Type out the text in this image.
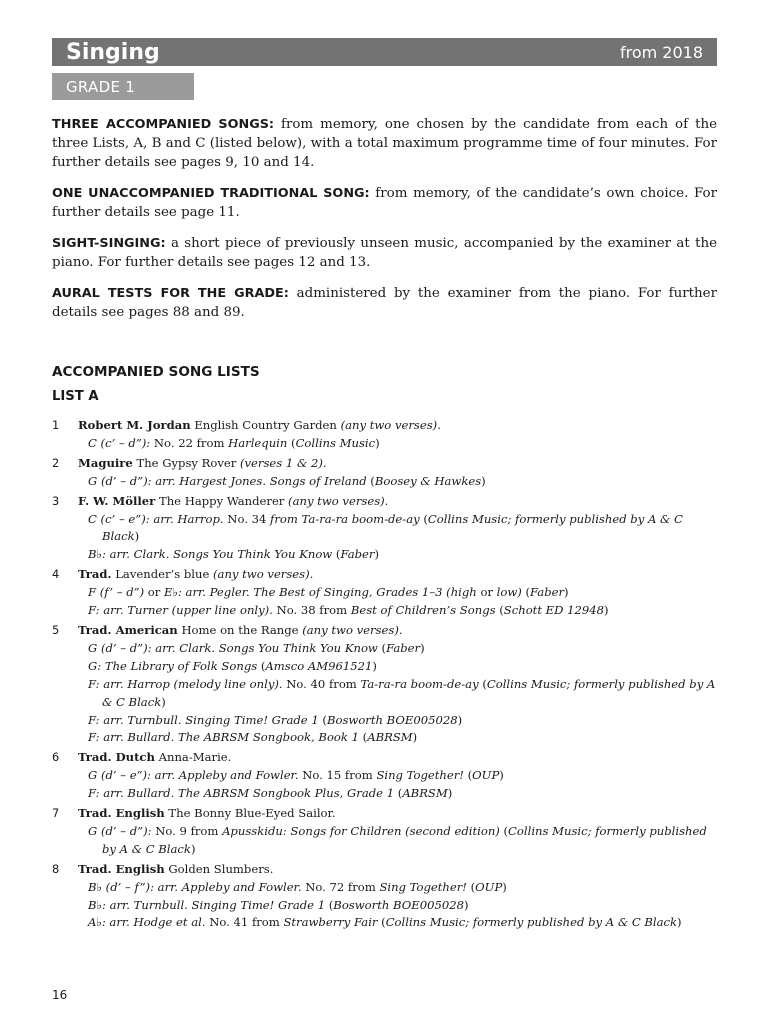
Singing	from 2018
GRADE 1

THREE ACCOMPANIED SONGS: from memory, one chosen by the candidate from each of the three Lists, A, B and C (listed below), with a total maximum programme time of four minutes. For further details see pages 9, 10 and 14.

ONE UNACCOMPANIED TRADITIONAL SONG: from memory, of the candidate’s own choice. For further details see page 11.

SIGHT-SINGING: a short piece of previously unseen music, accompanied by the examiner at the piano. For further details see pages 12 and 13.

AURAL TESTS FOR THE GRADE: administered by the examiner from the piano. For further details see pages 88 and 89.

ACCOMPANIED SONG LISTS
LIST A
1 Robert M. Jordan English Country Garden (any two verses).
C (c’ – d”): No. 22 from Harlequin (Collins Music)
2 Maguire The Gypsy Rover (verses 1 & 2).
G (d’ – d”): arr. Hargest Jones. Songs of Ireland (Boosey & Hawkes)
3 F. W. Möller The Happy Wanderer (any two verses).
C (c’ – e”): arr. Harrop. No. 34 from Ta-ra-ra boom-de-ay (Collins Music; formerly published by A & C Black)
B♭: arr. Clark. Songs You Think You Know (Faber)
4 Trad. Lavender’s blue (any two verses).
F (f’ – d”) or E♭: arr. Pegler. The Best of Singing, Grades 1–3 (high or low) (Faber)
F: arr. Turner (upper line only). No. 38 from Best of Children’s Songs (Schott ED 12948)
5 Trad. American Home on the Range (any two verses).
G (d’ – d”): arr. Clark. Songs You Think You Know (Faber)
G: The Library of Folk Songs (Amsco AM961521)
F: arr. Harrop (melody line only). No. 40 from Ta-ra-ra boom-de-ay (Collins Music; formerly published by A & C Black)
F: arr. Turnbull. Singing Time! Grade 1 (Bosworth BOE005028)
F: arr. Bullard. The ABRSM Songbook, Book 1 (ABRSM)
6 Trad. Dutch Anna-Marie.
G (d’ – e”): arr. Appleby and Fowler. No. 15 from Sing Together! (OUP)
F: arr. Bullard. The ABRSM Songbook Plus, Grade 1 (ABRSM)
7 Trad. English The Bonny Blue-Eyed Sailor.
G (d’ – d”): No. 9 from Apusskidu: Songs for Children (second edition) (Collins Music; formerly published by A & C Black)
8 Trad. English Golden Slumbers.
B♭ (d’ – f”): arr. Appleby and Fowler. No. 72 from Sing Together! (OUP)
B♭: arr. Turnbull. Singing Time! Grade 1 (Bosworth BOE005028)
A♭: arr. Hodge et al. No. 41 from Strawberry Fair (Collins Music; formerly published by A & C Black)
16
